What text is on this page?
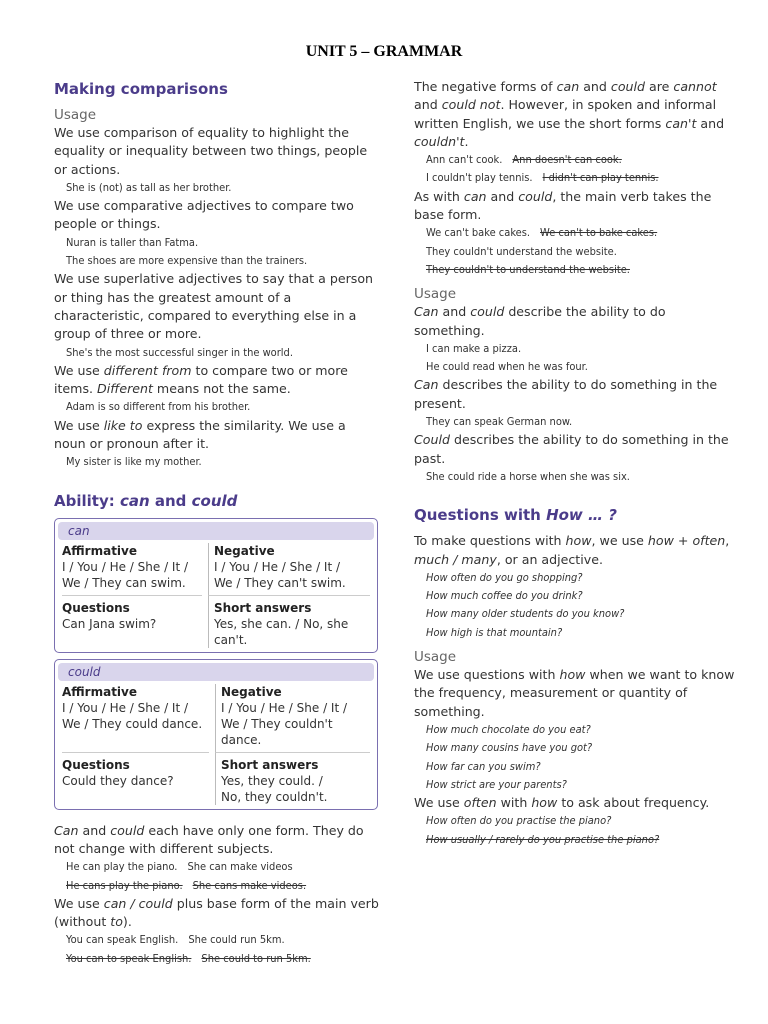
UNIT 5 – GRAMMAR
Making comparisons
Usage
We use comparison of equality to highlight the equality or inequality between two things, people or actions.
She is (not) as tall as her brother.
We use comparative adjectives to compare two people or things.
Nuran is taller than Fatma.
The shoes are more expensive than the trainers.
We use superlative adjectives to say that a person or thing has the greatest amount of a characteristic, compared to everything else in a group of three or more.
She's the most successful singer in the world.
We use different from to compare two or more items. Different means not the same.
Adam is so different from his brother.
We use like to express the similarity. We use a noun or pronoun after it.
My sister is like my mother.
Ability: can and could
can
Affirmative
I / You / He / She / It /
We / They can swim.
Negative
I / You / He / She / It /
We / They can't swim.
Questions
Can Jana swim?
Short answers
Yes, she can. / No, she can't.
could
Affirmative
I / You / He / She / It /
We / They could dance.
Negative
I / You / He / She / It /
We / They couldn't dance.
Questions
Could they dance?
Short answers
Yes, they could. /
No, they couldn't.
Can and could each have only one form. They do not change with different subjects.
He can play the piano. She can make videos
He cans play the piano. She cans make videos.
We use can / could plus base form of the main verb (without to).
You can speak English. She could run 5km.
You can to speak English. She could to run 5km.
The negative forms of can and could are cannot and could not. However, in spoken and informal written English, we use the short forms can't and couldn't.
Ann can't cook. Ann doesn't can cook.
I couldn't play tennis. I didn't can play tennis.
As with can and could, the main verb takes the base form.
We can't bake cakes. We can't to bake cakes.
They couldn't understand the website.
They couldn't to understand the website.
Usage
Can and could describe the ability to do something.
I can make a pizza.
He could read when he was four.
Can describes the ability to do something in the present.
They can speak German now.
Could describes the ability to do something in the past.
She could ride a horse when she was six.
Questions with How … ?
To make questions with how, we use how + often, much / many, or an adjective.
How often do you go shopping?
How much coffee do you drink?
How many older students do you know?
How high is that mountain?
Usage
We use questions with how when we want to know the frequency, measurement or quantity of something.
How much chocolate do you eat?
How many cousins have you got?
How far can you swim?
How strict are your parents?
We use often with how to ask about frequency.
How often do you practise the piano?
How usually / rarely do you practise the piano?
